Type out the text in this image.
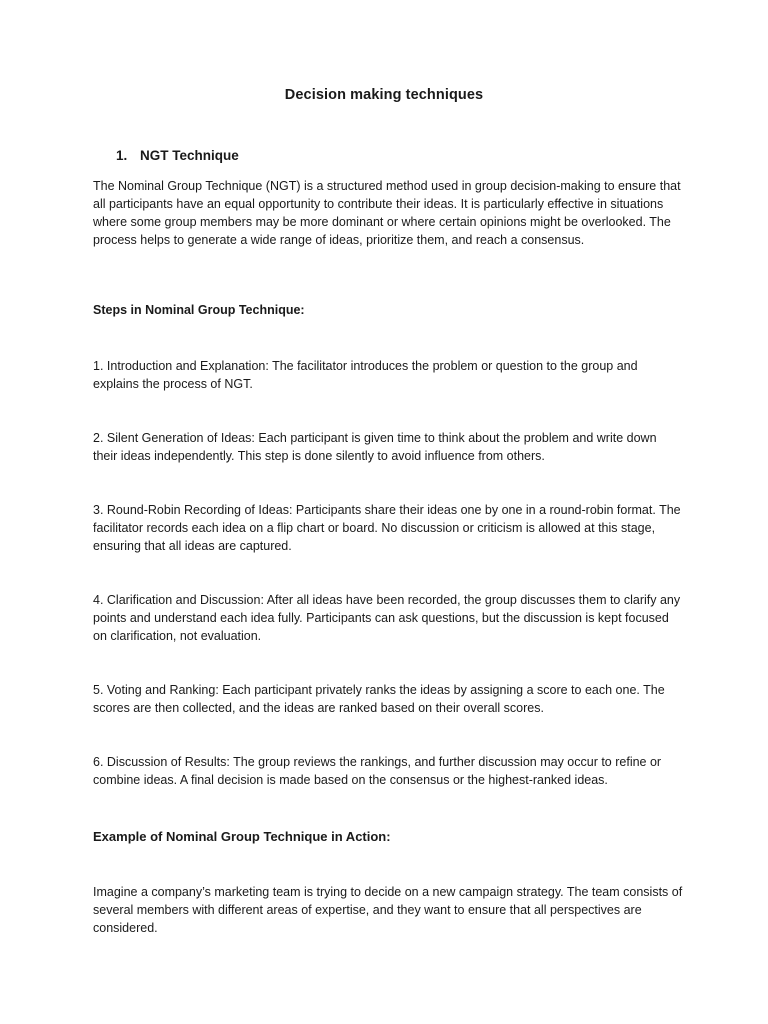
Decision making techniques
1. NGT Technique

The Nominal Group Technique (NGT) is a structured method used in group decision-making to ensure that all participants have an equal opportunity to contribute their ideas. It is particularly effective in situations where some group members may be more dominant or where certain opinions might be overlooked. The process helps to generate a wide range of ideas, prioritize them, and reach a consensus.

Steps in Nominal Group Technique:

1. Introduction and Explanation: The facilitator introduces the problem or question to the group and explains the process of NGT.

2. Silent Generation of Ideas: Each participant is given time to think about the problem and write down their ideas independently. This step is done silently to avoid influence from others.

3. Round-Robin Recording of Ideas: Participants share their ideas one by one in a round-robin format. The facilitator records each idea on a flip chart or board. No discussion or criticism is allowed at this stage, ensuring that all ideas are captured.

4. Clarification and Discussion: After all ideas have been recorded, the group discusses them to clarify any points and understand each idea fully. Participants can ask questions, but the discussion is kept focused on clarification, not evaluation.

5. Voting and Ranking: Each participant privately ranks the ideas by assigning a score to each one. The scores are then collected, and the ideas are ranked based on their overall scores.

6. Discussion of Results: The group reviews the rankings, and further discussion may occur to refine or combine ideas. A final decision is made based on the consensus or the highest-ranked ideas.

Example of Nominal Group Technique in Action:

Imagine a company’s marketing team is trying to decide on a new campaign strategy. The team consists of several members with different areas of expertise, and they want to ensure that all perspectives are considered.
